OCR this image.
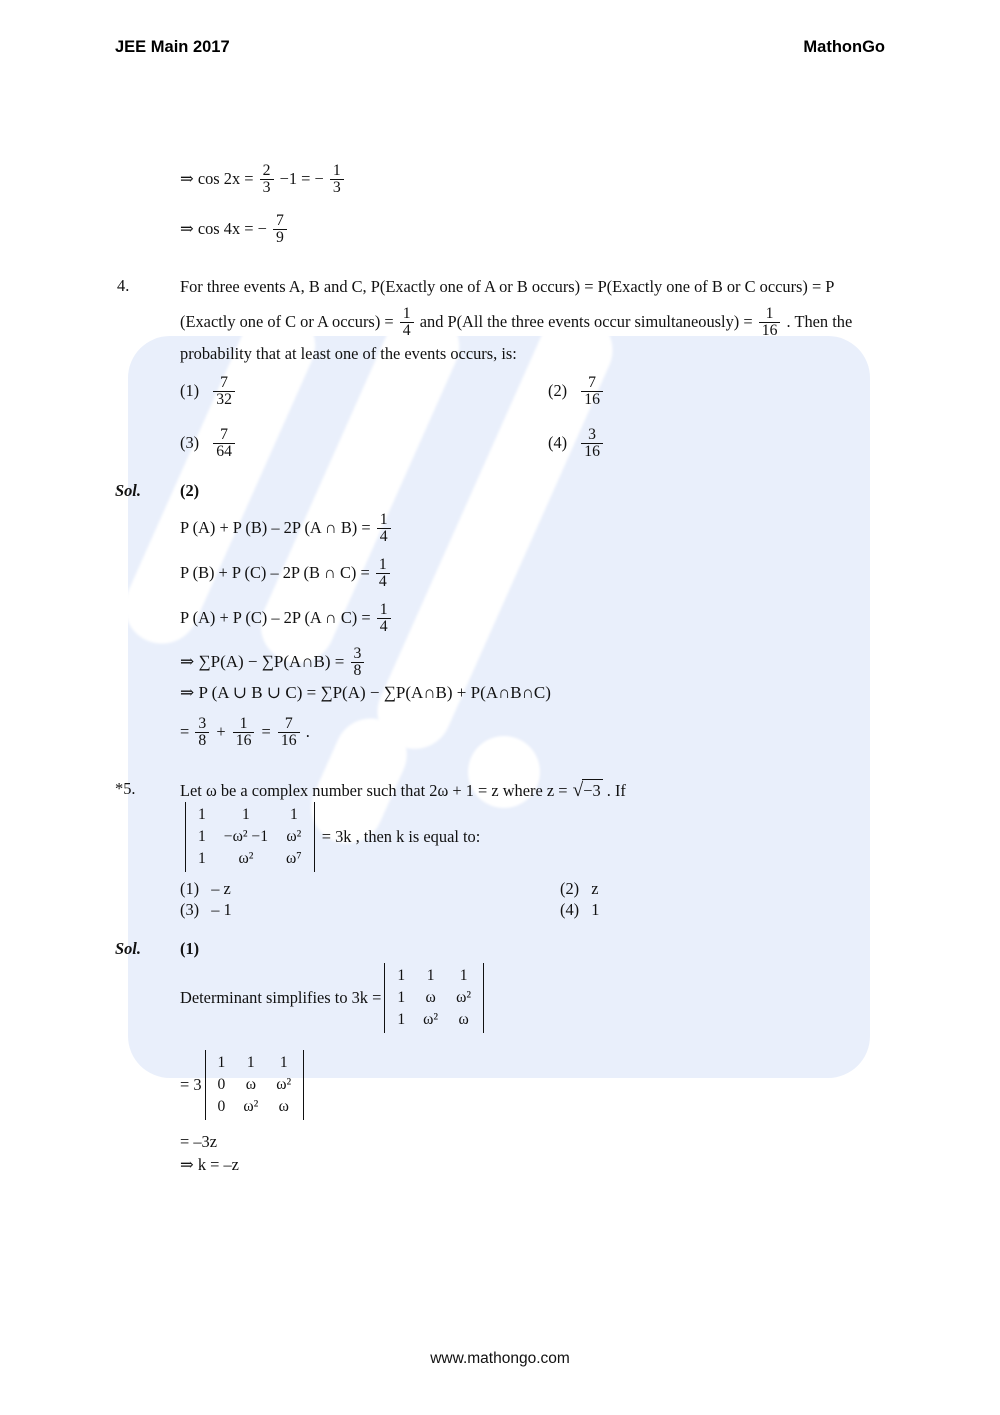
JEE Main 2017	MathonGo
⇒ $\cos 2x = \frac{2}{3} -1$ = − $\frac{1}{3}$
⇒ cos 4x = − $\frac{7}{9}$
4.	For three events A, B and C, P(Exactly one of A or B occurs) = P(Exactly one of B or C occurs) = P
(Exactly one of C or A occurs) = $\frac{1}{4}$ and P(All the three events occur simultaneously) = $\frac{1}{16}$ . Then the
probability that at least one of the events occurs, is:
$(1) \frac{7}{32}$	$(2) \frac{7}{16}$
$(3) \frac{7}{64}$	$(4) \frac{3}{16}$
Sol. (2)
P (A) + P (B) – 2P (A ∩ $B) = \frac{1}{4}$
P (B) + P (C) – 2P (B ∩ $C) = \frac{1}{4}$
P (A) + P (C) – 2P (A ∩ $C) = \frac{1}{4}$
⇒ ∑P(A) − ∑P(A∩B) = $\frac{3}{8}$
⇒ P (A ∪ B ∪ C) = ∑P(A) − ∑P(A∩B) + P(A∩B∩C)
= $\frac{3}{8} + \frac{1}{16} = \frac{7}{16}$ .
*5.	Let ω be a complex number such that 2ω + 1 = z where z = √−3 . If
1	1	1
1	−ω² −1	ω²
1	ω²	ω⁷
= 3k , then k is equal to:
(1) – z	(2) z
(3) – 1	(4) 1
Sol. (1)
Determinant simplifies to 3k =
1	1	1
1	ω	ω²
1	ω²	ω
= 3
1	1	1
0	ω	ω²
0	ω²	ω
= –3z
⇒ k = –z
www.mathongo.com
